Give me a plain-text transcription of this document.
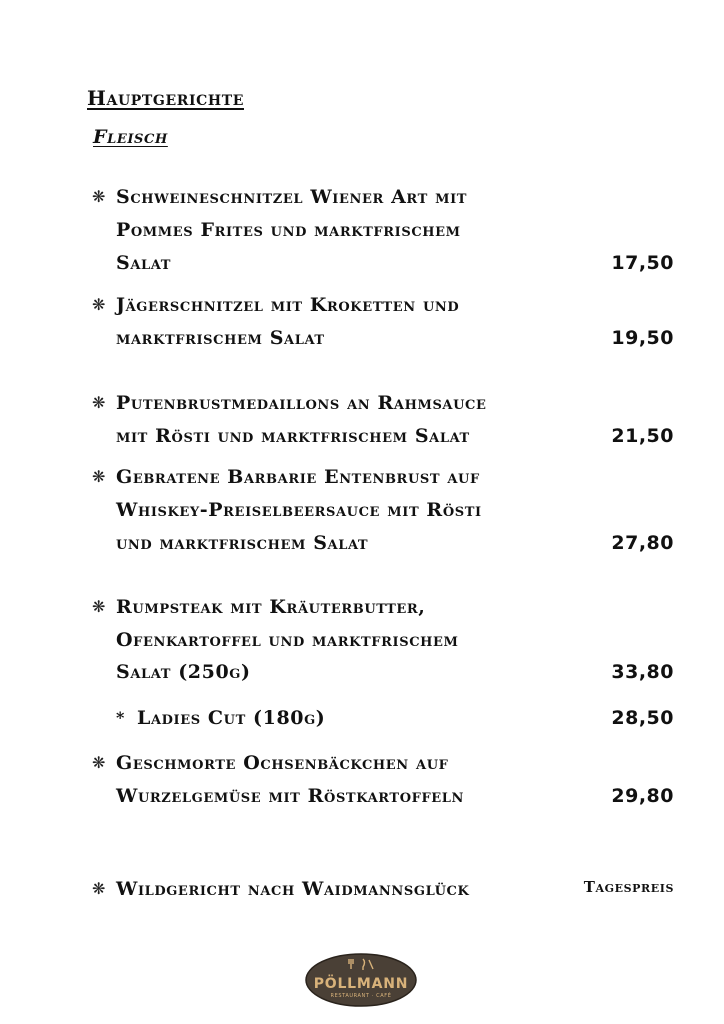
Hauptgerichte
Fleisch
❋ Schweineschnitzel Wiener Art mit
Pommes Frites und marktfrischem
Salat	17,50
❋ Jägerschnitzel mit Kroketten und
marktfrischem Salat	19,50
❋ Putenbrustmedaillons an Rahmsauce
mit Rösti und marktfrischem Salat	21,50
❋ Gebratene Barbarie Entenbrust auf
Whiskey-Preiselbeersauce mit Rösti
und marktfrischem Salat	27,80
❋ Rumpsteak mit Kräuterbutter,
Ofenkartoffel und marktfrischem
Salat (250g)	33,80
* Ladies Cut (180g)	28,50
❋ Geschmorte Ochsenbäckchen auf
Wurzelgemüse mit Röstkartoffeln	29,80
❋ Wildgericht nach Waidmannsglück	Tagespreis
PÖLLMANN
RESTAURANT · CAFÉ
